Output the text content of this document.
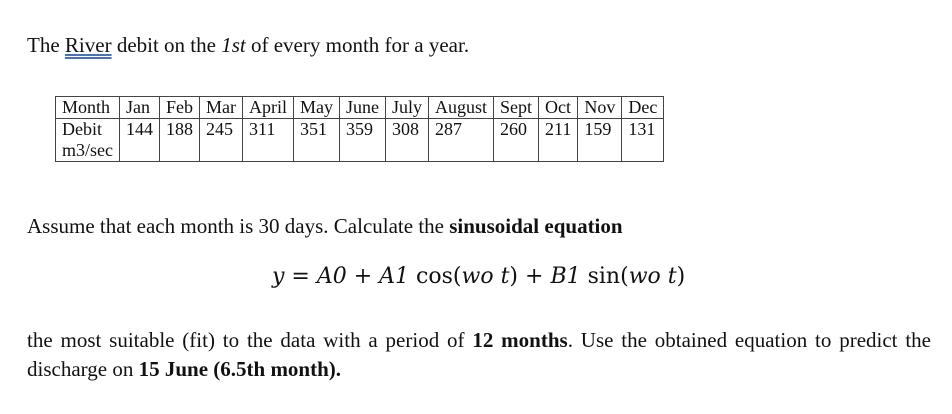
The River debit on the 1st of every month for a year.
Month	Jan	Feb	Mar	April	May	June	July	August	Sept	Oct	Nov	Dec
Debit
m3/sec	144	188	245	311	351	359	308	287	260	211	159	131
Assume that each month is 30 days. Calculate the sinusoidal equation
y = A0 + A1 cos(wo t) + B1 sin(wo t)
the most suitable (fit) to the data with a period of 12 months. Use the obtained equation to predict the discharge on 15 June (6.5th month).
